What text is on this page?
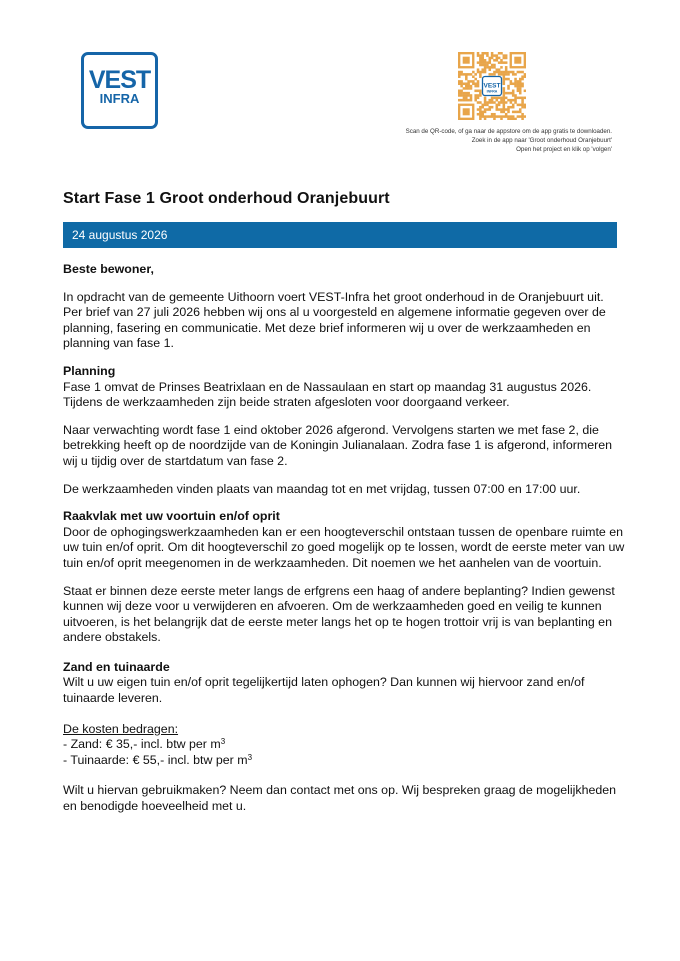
VEST
INFRA
VEST
INFRA
Scan de QR-code, of ga naar de appstore om de app gratis te downloaden.
Zoek in de app naar 'Groot onderhoud Oranjebuurt'
Open het project en klik op 'volgen'
Start Fase 1 Groot onderhoud Oranjebuurt
24 augustus 2026

Beste bewoner,

In opdracht van de gemeente Uithoorn voert VEST-Infra het groot onderhoud in de Oranjebuurt uit. Per brief van 27 juli 2026 hebben wij ons al u voorgesteld en algemene informatie gegeven over de planning, fasering en communicatie. Met deze brief informeren wij u over de werkzaamheden en planning van fase 1.

Planning

Fase 1 omvat de Prinses Beatrixlaan en de Nassaulaan en start op maandag 31 augustus 2026. Tijdens de werkzaamheden zijn beide straten afgesloten voor doorgaand verkeer.

Naar verwachting wordt fase 1 eind oktober 2026 afgerond. Vervolgens starten we met fase 2, die betrekking heeft op de noordzijde van de Koningin Julianalaan. Zodra fase 1 is afgerond, informeren wij u tijdig over de startdatum van fase 2.

De werkzaamheden vinden plaats van maandag tot en met vrijdag, tussen 07:00 en 17:00 uur.

Raakvlak met uw voortuin en/of oprit

Door de ophogingswerkzaamheden kan er een hoogteverschil ontstaan tussen de openbare ruimte en uw tuin en/of oprit. Om dit hoogteverschil zo goed mogelijk op te lossen, wordt de eerste meter van uw tuin en/of oprit meegenomen in de werkzaamheden. Dit noemen we het aanhelen van de voortuin.

Staat er binnen deze eerste meter langs de erfgrens een haag of andere beplanting? Indien gewenst kunnen wij deze voor u verwijderen en afvoeren. Om de werkzaamheden goed en veilig te kunnen uitvoeren, is het belangrijk dat de eerste meter langs het op te hogen trottoir vrij is van beplanting en andere obstakels.

Zand en tuinaarde

Wilt u uw eigen tuin en/of oprit tegelijkertijd laten ophogen? Dan kunnen wij hiervoor zand en/of tuinaarde leveren.

De kosten bedragen:
- Zand: € 35,- incl. btw per $m^3$
- Tuinaarde: € 55,- incl. btw per $m^3$

Wilt u hiervan gebruikmaken? Neem dan contact met ons op. Wij bespreken graag de mogelijkheden en benodigde hoeveelheid met u.
